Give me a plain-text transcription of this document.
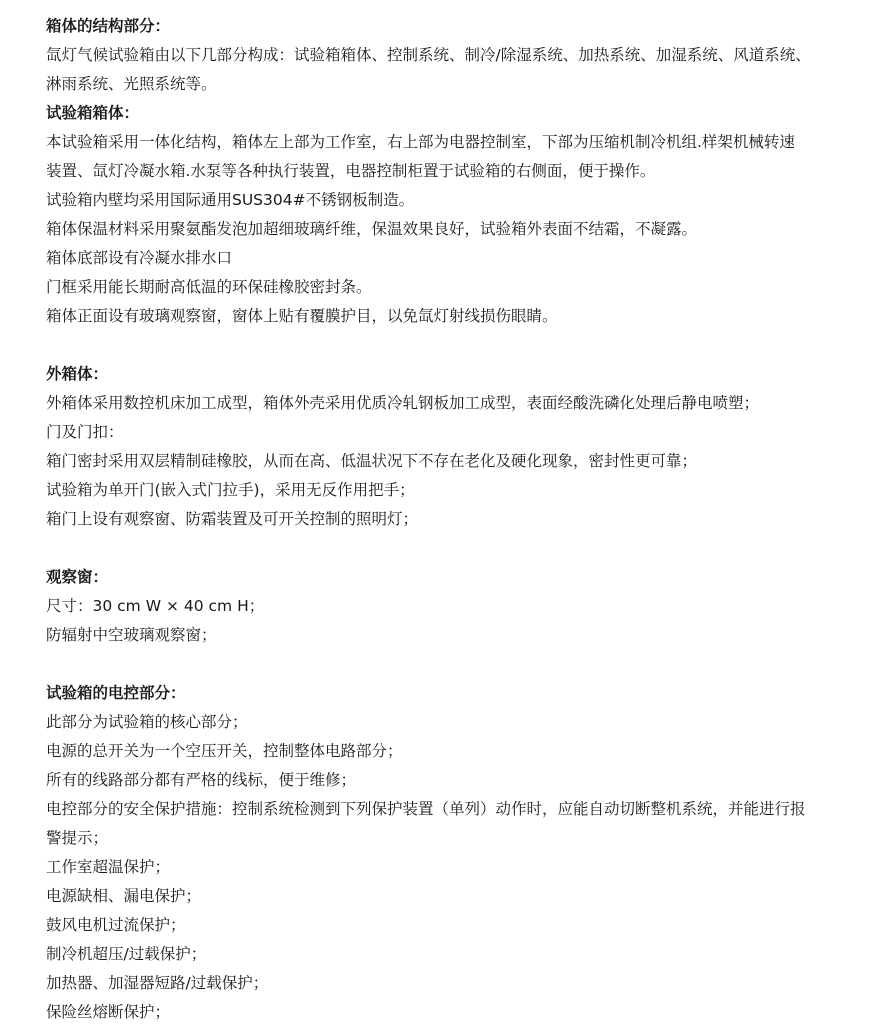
箱体的结构部分：
氙灯气候试验箱由以下几部分构成：试验箱箱体、控制系统、制冷/除湿系统、加热系统、加湿系统、风道系统、
淋雨系统、光照系统等。
试验箱箱体：
本试验箱采用一体化结构，箱体左上部为工作室，右上部为电器控制室，下部为压缩机制冷机组.样架机械转速
装置、氙灯冷凝水箱.水泵等各种执行装置，电器控制柜置于试验箱的右侧面，便于操作。
试验箱内壁均采用国际通用SUS304#不锈钢板制造。
箱体保温材料采用聚氨酯发泡加超细玻璃纤维，保温效果良好，试验箱外表面不结霜，不凝露。
箱体底部设有冷凝水排水口
门框采用能长期耐高低温的环保硅橡胶密封条。
箱体正面设有玻璃观察窗，窗体上贴有覆膜护目，以免氙灯射线损伤眼睛。
外箱体：
外箱体采用数控机床加工成型，箱体外壳采用优质冷轧钢板加工成型，表面经酸洗磷化处理后静电喷塑；
门及门扣：
箱门密封采用双层精制硅橡胶，从而在高、低温状况下不存在老化及硬化现象，密封性更可靠；
试验箱为单开门(嵌入式门拉手)，采用无反作用把手；
箱门上设有观察窗、防霜装置及可开关控制的照明灯；
观察窗：
尺寸：30 cm W × 40 cm H；
防辐射中空玻璃观察窗；
试验箱的电控部分：
此部分为试验箱的核心部分；
电源的总开关为一个空压开关，控制整体电路部分；
所有的线路部分都有严格的线标，便于维修；
电控部分的安全保护措施：控制系统检测到下列保护装置（单列）动作时，应能自动切断整机系统，并能进行报
警提示；
工作室超温保护；
电源缺相、漏电保护；
鼓风电机过流保护；
制冷机超压/过载保护；
加热器、加湿器短路/过载保护；
保险丝熔断保护；
